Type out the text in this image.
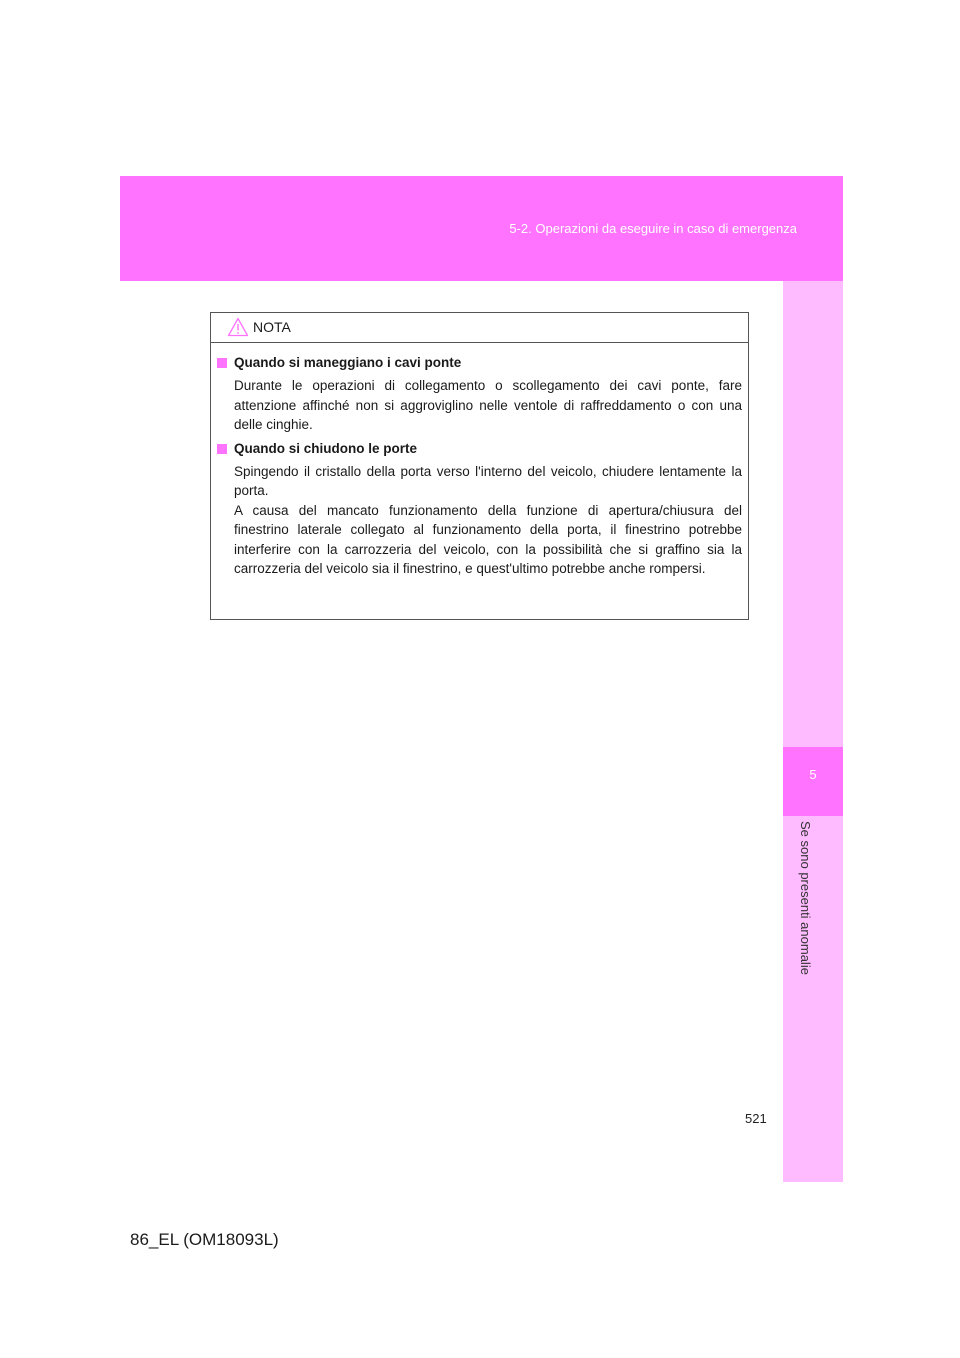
5-2. Operazioni da eseguire in caso di emergenza
5
Se sono presenti anomalie
NOTA
Quando si maneggiano i cavi ponte

Durante le operazioni di collegamento o scollegamento dei cavi ponte, fare attenzione affinché non si aggroviglino nelle ventole di raffreddamento o con una delle cinghie.

Quando si chiudono le porte

Spingendo il cristallo della porta verso l'interno del veicolo, chiudere lentamente la porta.

A causa del mancato funzionamento della funzione di apertura/chiusura del finestrino laterale collegato al funzionamento della porta, il finestrino potrebbe interferire con la carrozzeria del veicolo, con la possibilità che si graffino sia la carrozzeria del veicolo sia il finestrino, e quest'ultimo potrebbe anche rompersi.

521
86_EL (OM18093L)
